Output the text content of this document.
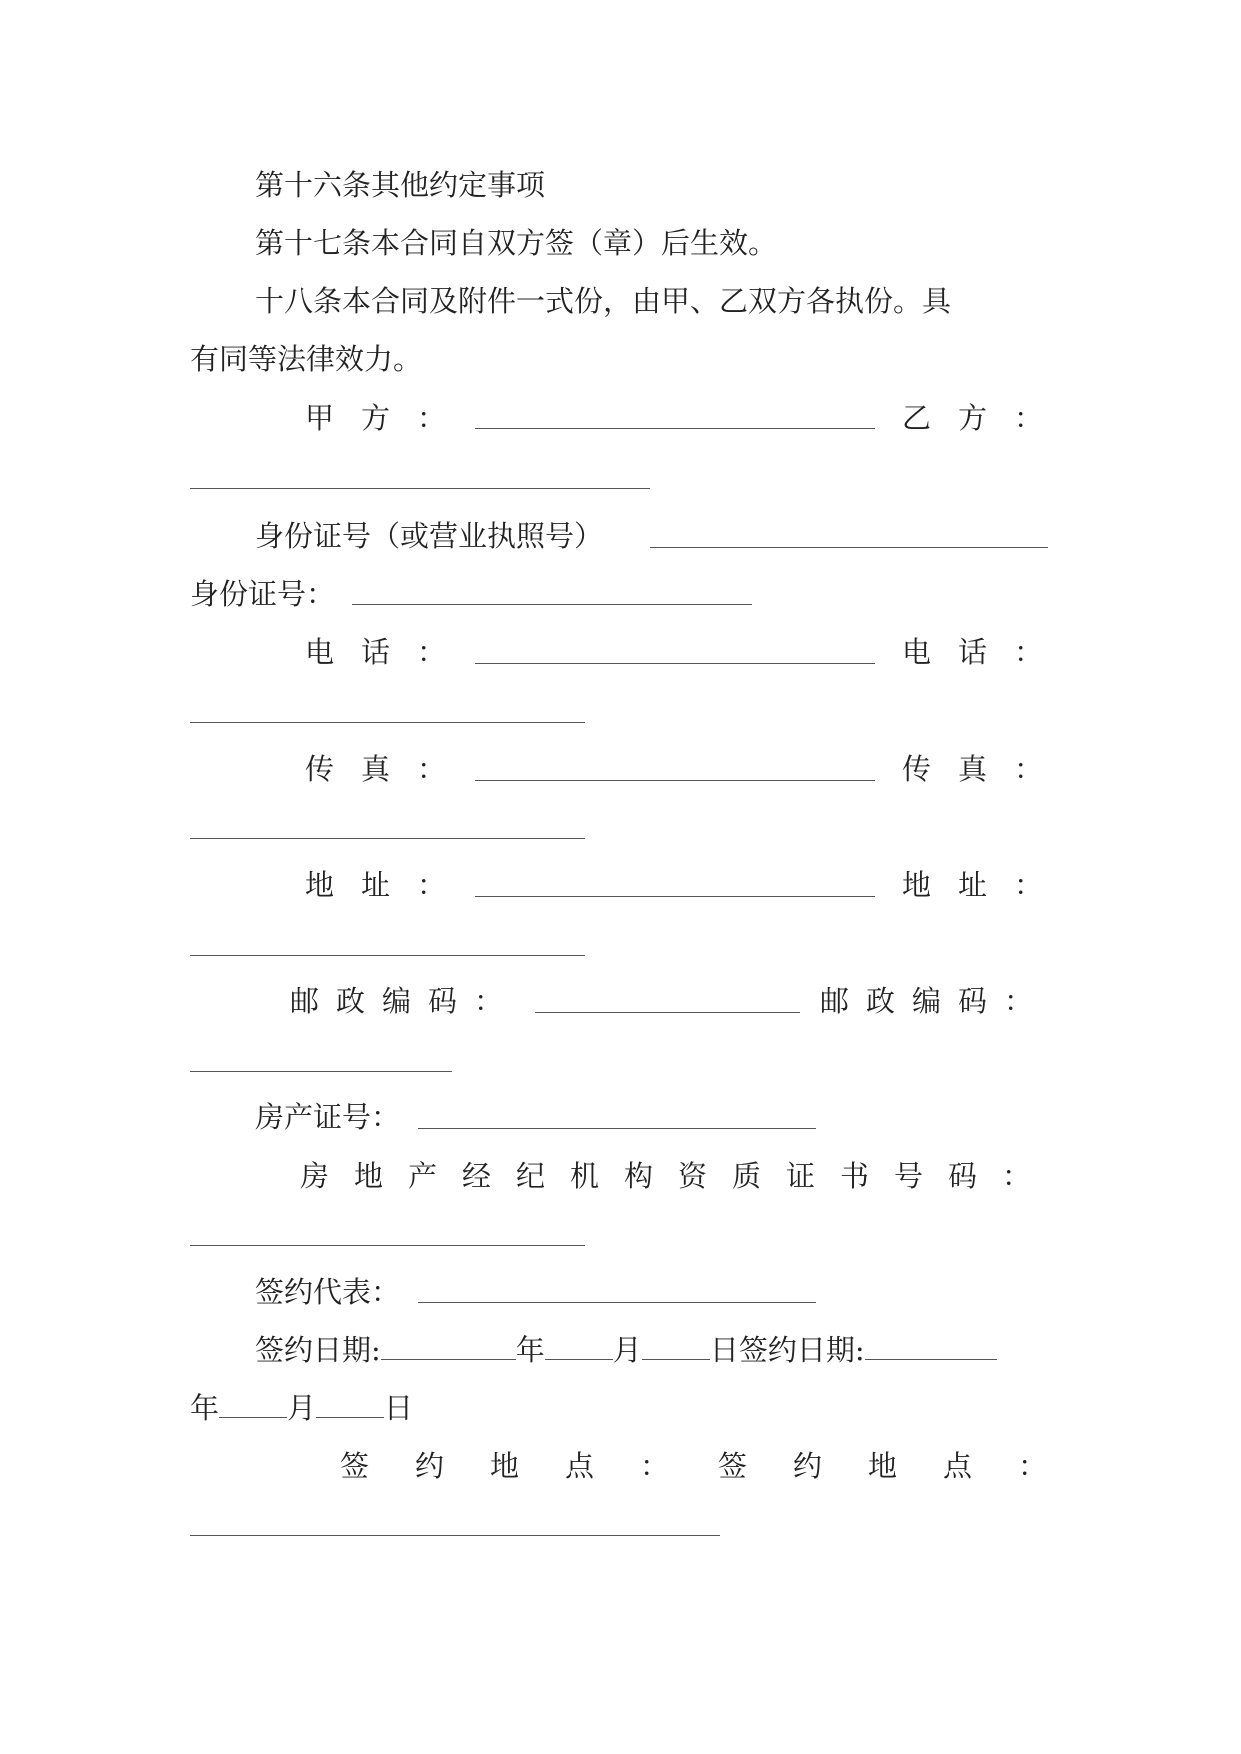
第十六条其他约定事项
第十七条本合同自双方签（章）后生效。
十八条本合同及附件一式份，由甲、乙双方各执份。具
有同等法律效力。
甲方：	乙方：
身份证号（或营业执照号）
身份证号：
电话：	电话：
传真：	传真：
地址：	地址：
邮政编码：	邮政编码：
房产证号：
房地产经纪机构资质证书号码：
签约代表：
签约日期:	年 月 日签约日期:
年 月 日
签约地点： 签约地点：
